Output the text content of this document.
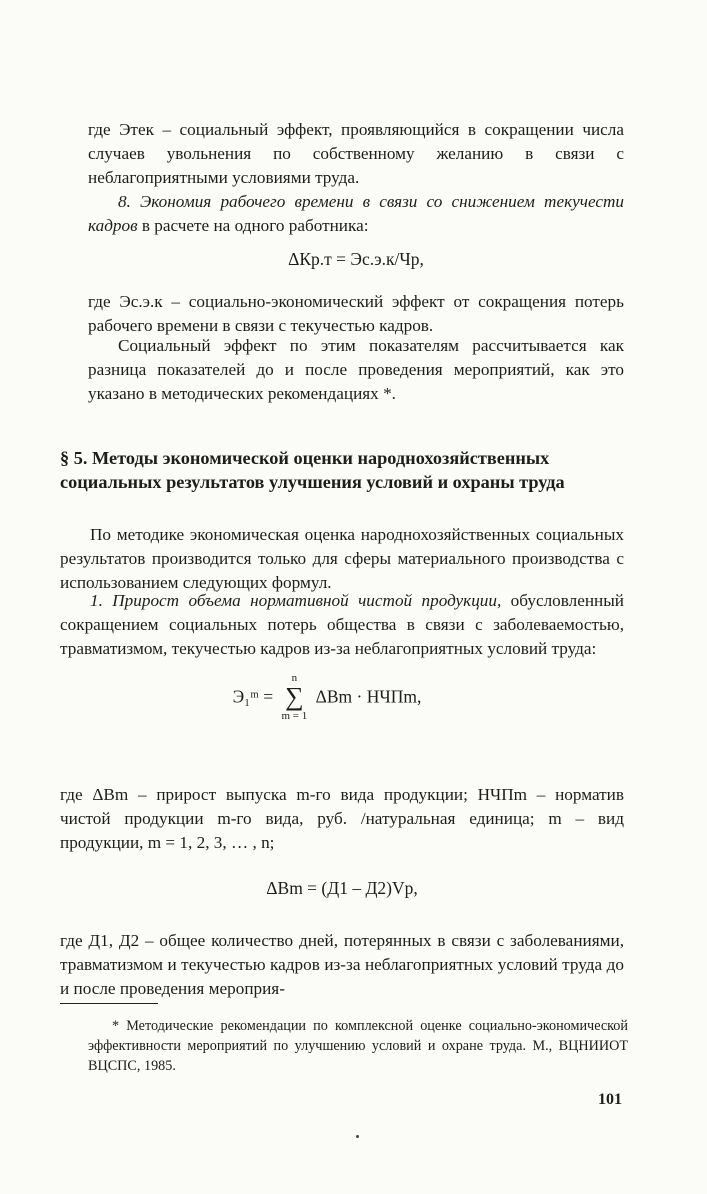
где Этек – социальный эффект, проявляющийся в сокращении числа случаев увольнения по собственному желанию в связи с неблагоприятными условиями труда.

8. Экономия рабочего времени в связи со снижением текучести кадров в расчете на одного работника:

ΔКр.т = Эс.э.к/Чр,

где Эс.э.к – социально-экономический эффект от сокращения потерь рабочего времени в связи с текучестью кадров.

Социальный эффект по этим показателям рассчитывается как разница показателей до и после проведения мероприятий, как это указано в методических рекомендациях *.

§ 5. Методы экономической оценки народнохозяйственных социальных результатов улучшения условий и охраны труда

По методике экономическая оценка народнохозяйственных социальных результатов производится только для сферы материального производства с использованием следующих формул.

1. Прирост объема нормативной чистой продукции, обусловленный сокращением социальных потерь общества в связи с заболеваемостью, травматизмом, текучестью кадров из-за неблагоприятных условий труда:

Э₁ᵐ = n
∑
m = 1 ΔВm · НЧПm,

где ΔВm – прирост выпуска m-го вида продукции; НЧПm – норматив чистой продукции m-го вида, руб. /натуральная единица; m – вид продукции, m = 1, 2, 3, … , n;

ΔВm = (Д1 – Д2)Vр,

где Д1, Д2 – общее количество дней, потерянных в связи с заболеваниями, травматизмом и текучестью кадров из-за неблагоприятных условий труда до и после проведения мероприя-

* Методические рекомендации по комплексной оценке социально-экономической эффективности мероприятий по улучшению условий и охране труда. М., ВЦНИИОТ ВЦСПС, 1985.

101
